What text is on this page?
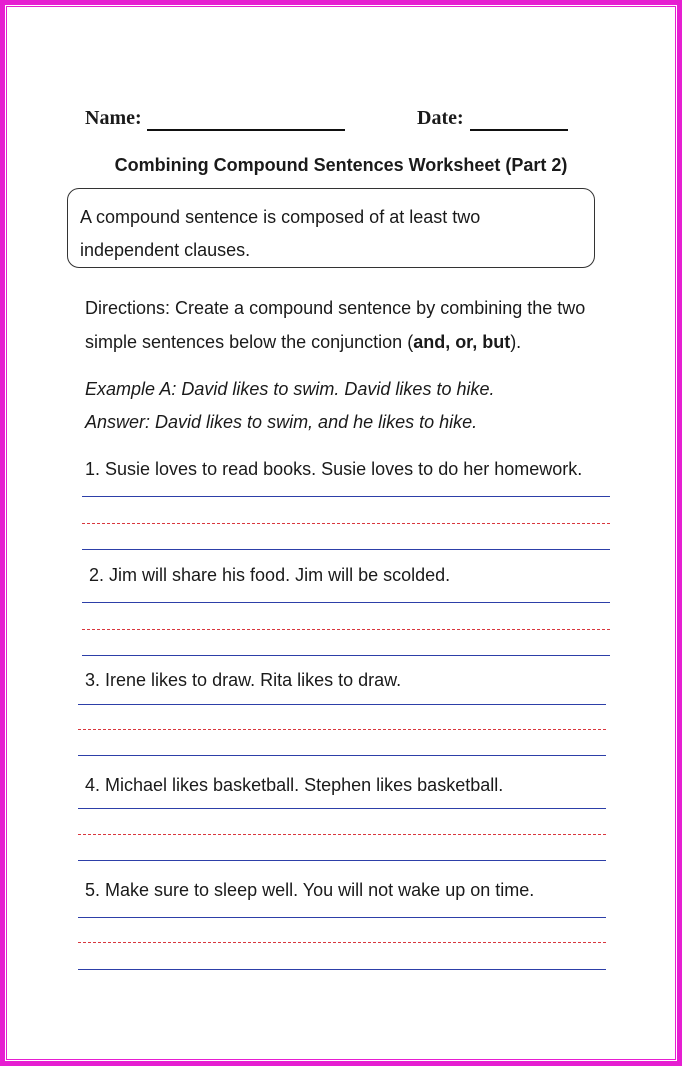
Name:	Date:
Combining Compound Sentences Worksheet (Part 2)
A compound sentence is composed of at least two
independent clauses.
Directions: Create a compound sentence by combining the two
simple sentences below the conjunction (and, or, but).
Example A: David likes to swim. David likes to hike.
Answer: David likes to swim, and he likes to hike.
1. Susie loves to read books. Susie loves to do her homework.
2. Jim will share his food. Jim will be scolded.
3. Irene likes to draw. Rita likes to draw.
4. Michael likes basketball. Stephen likes basketball.
5. Make sure to sleep well. You will not wake up on time.
